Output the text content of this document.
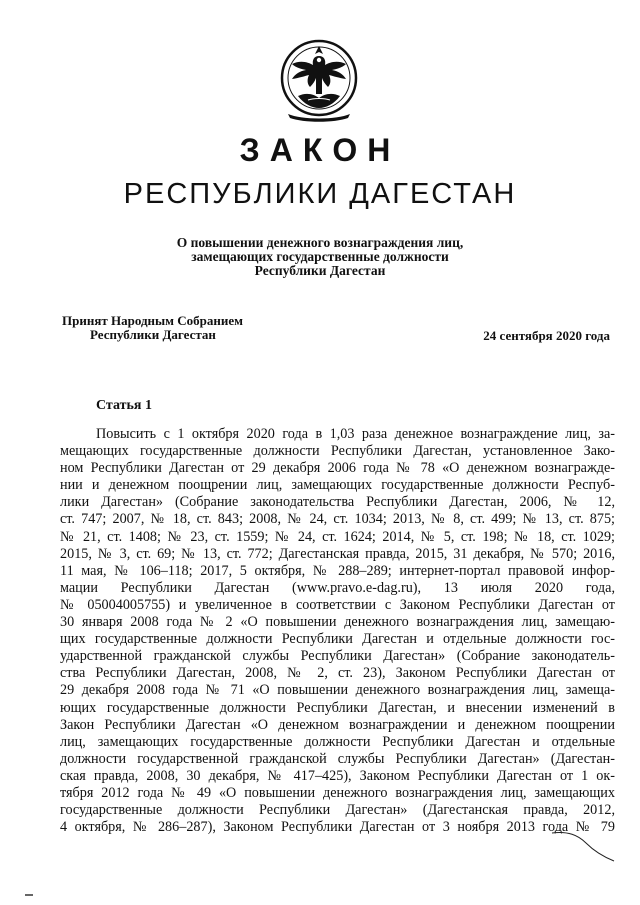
ЗАКОН
РЕСПУБЛИКИ ДАГЕСТАН
О повышении денежного вознаграждения лиц,
замещающих государственные должности
Республики Дагестан
Принят Народным Собранием
Республики Дагестан	24 сентября 2020 года
Статья 1
Повысить с 1 октября 2020 года в 1,03 раза денежное вознаграждение лиц, за-
мещающих государственные должности Республики Дагестан, установленное Зако-
ном Республики Дагестан от 29 декабря 2006 года № 78 «О денежном вознагражде-
нии и денежном поощрении лиц, замещающих государственные должности Респуб-
лики Дагестан» (Собрание законодательства Республики Дагестан, 2006, № 12,
ст. 747; 2007, № 18, ст. 843; 2008, № 24, ст. 1034; 2013, № 8, ст. 499; № 13, ст. 875;
№ 21, ст. 1408; № 23, ст. 1559; № 24, ст. 1624; 2014, № 5, ст. 198; № 18, ст. 1029;
2015, № 3, ст. 69; № 13, ст. 772; Дагестанская правда, 2015, 31 декабря, № 570; 2016,
11 мая, № 106–118; 2017, 5 октября, № 288–289; интернет-портал правовой инфор-
мации Республики Дагестан (www.pravo.e-dag.ru), 13 июля 2020 года,
№ 05004005755) и увеличенное в соответствии с Законом Республики Дагестан от
30 января 2008 года № 2 «О повышении денежного вознаграждения лиц, замещаю-
щих государственные должности Республики Дагестан и отдельные должности гос-
ударственной гражданской службы Республики Дагестан» (Собрание законодатель-
ства Республики Дагестан, 2008, № 2, ст. 23), Законом Республики Дагестан от
29 декабря 2008 года № 71 «О повышении денежного вознаграждения лиц, замеща-
ющих государственные должности Республики Дагестан, и внесении изменений в
Закон Республики Дагестан «О денежном вознаграждении и денежном поощрении
лиц, замещающих государственные должности Республики Дагестан и отдельные
должности государственной гражданской службы Республики Дагестан» (Дагестан-
ская правда, 2008, 30 декабря, № 417–425), Законом Республики Дагестан от 1 ок-
тября 2012 года № 49 «О повышении денежного вознаграждения лиц, замещающих
государственные должности Республики Дагестан» (Дагестанская правда, 2012,
4 октября, № 286–287), Законом Республики Дагестан от 3 ноября 2013 года № 79
